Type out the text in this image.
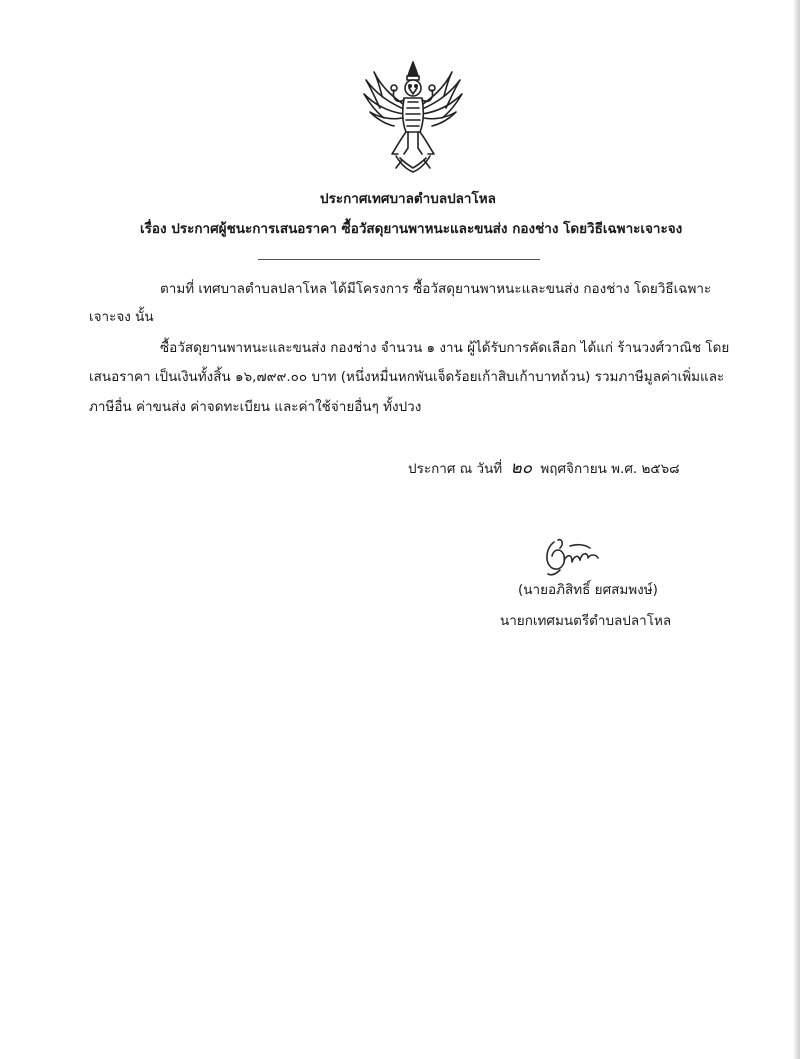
ประกาศเทศบาลตำบลปลาโหล
เรื่อง ประกาศผู้ชนะการเสนอราคา ซื้อวัสดุยานพาหนะและขนส่ง กองช่าง โดยวิธีเฉพาะเจาะจง
ตามที่ เทศบาลตำบลปลาโหล ได้มีโครงการ ซื้อวัสดุยานพาหนะและขนส่ง กองช่าง โดยวิธีเฉพาะ
เจาะจง นั้น
ซื้อวัสดุยานพาหนะและขนส่ง กองช่าง จำนวน ๑ งาน ผู้ได้รับการคัดเลือก ได้แก่ ร้านวงศ์วาณิช โดย
เสนอราคา เป็นเงินทั้งสิ้น ๑๖,๗๙๙.๐๐ บาท (หนึ่งหมื่นหกพันเจ็ดร้อยเก้าสิบเก้าบาทถ้วน) รวมภาษีมูลค่าเพิ่มและ
ภาษีอื่น ค่าขนส่ง ค่าจดทะเบียน และค่าใช้จ่ายอื่นๆ ทั้งปวง
ประกาศ ณ วันที่ ๒๐ พฤศจิกายน พ.ศ. ๒๕๖๘
(นายอภิสิทธิ์ ยศสมพงษ์)
นายกเทศมนตรีตำบลปลาโหล
